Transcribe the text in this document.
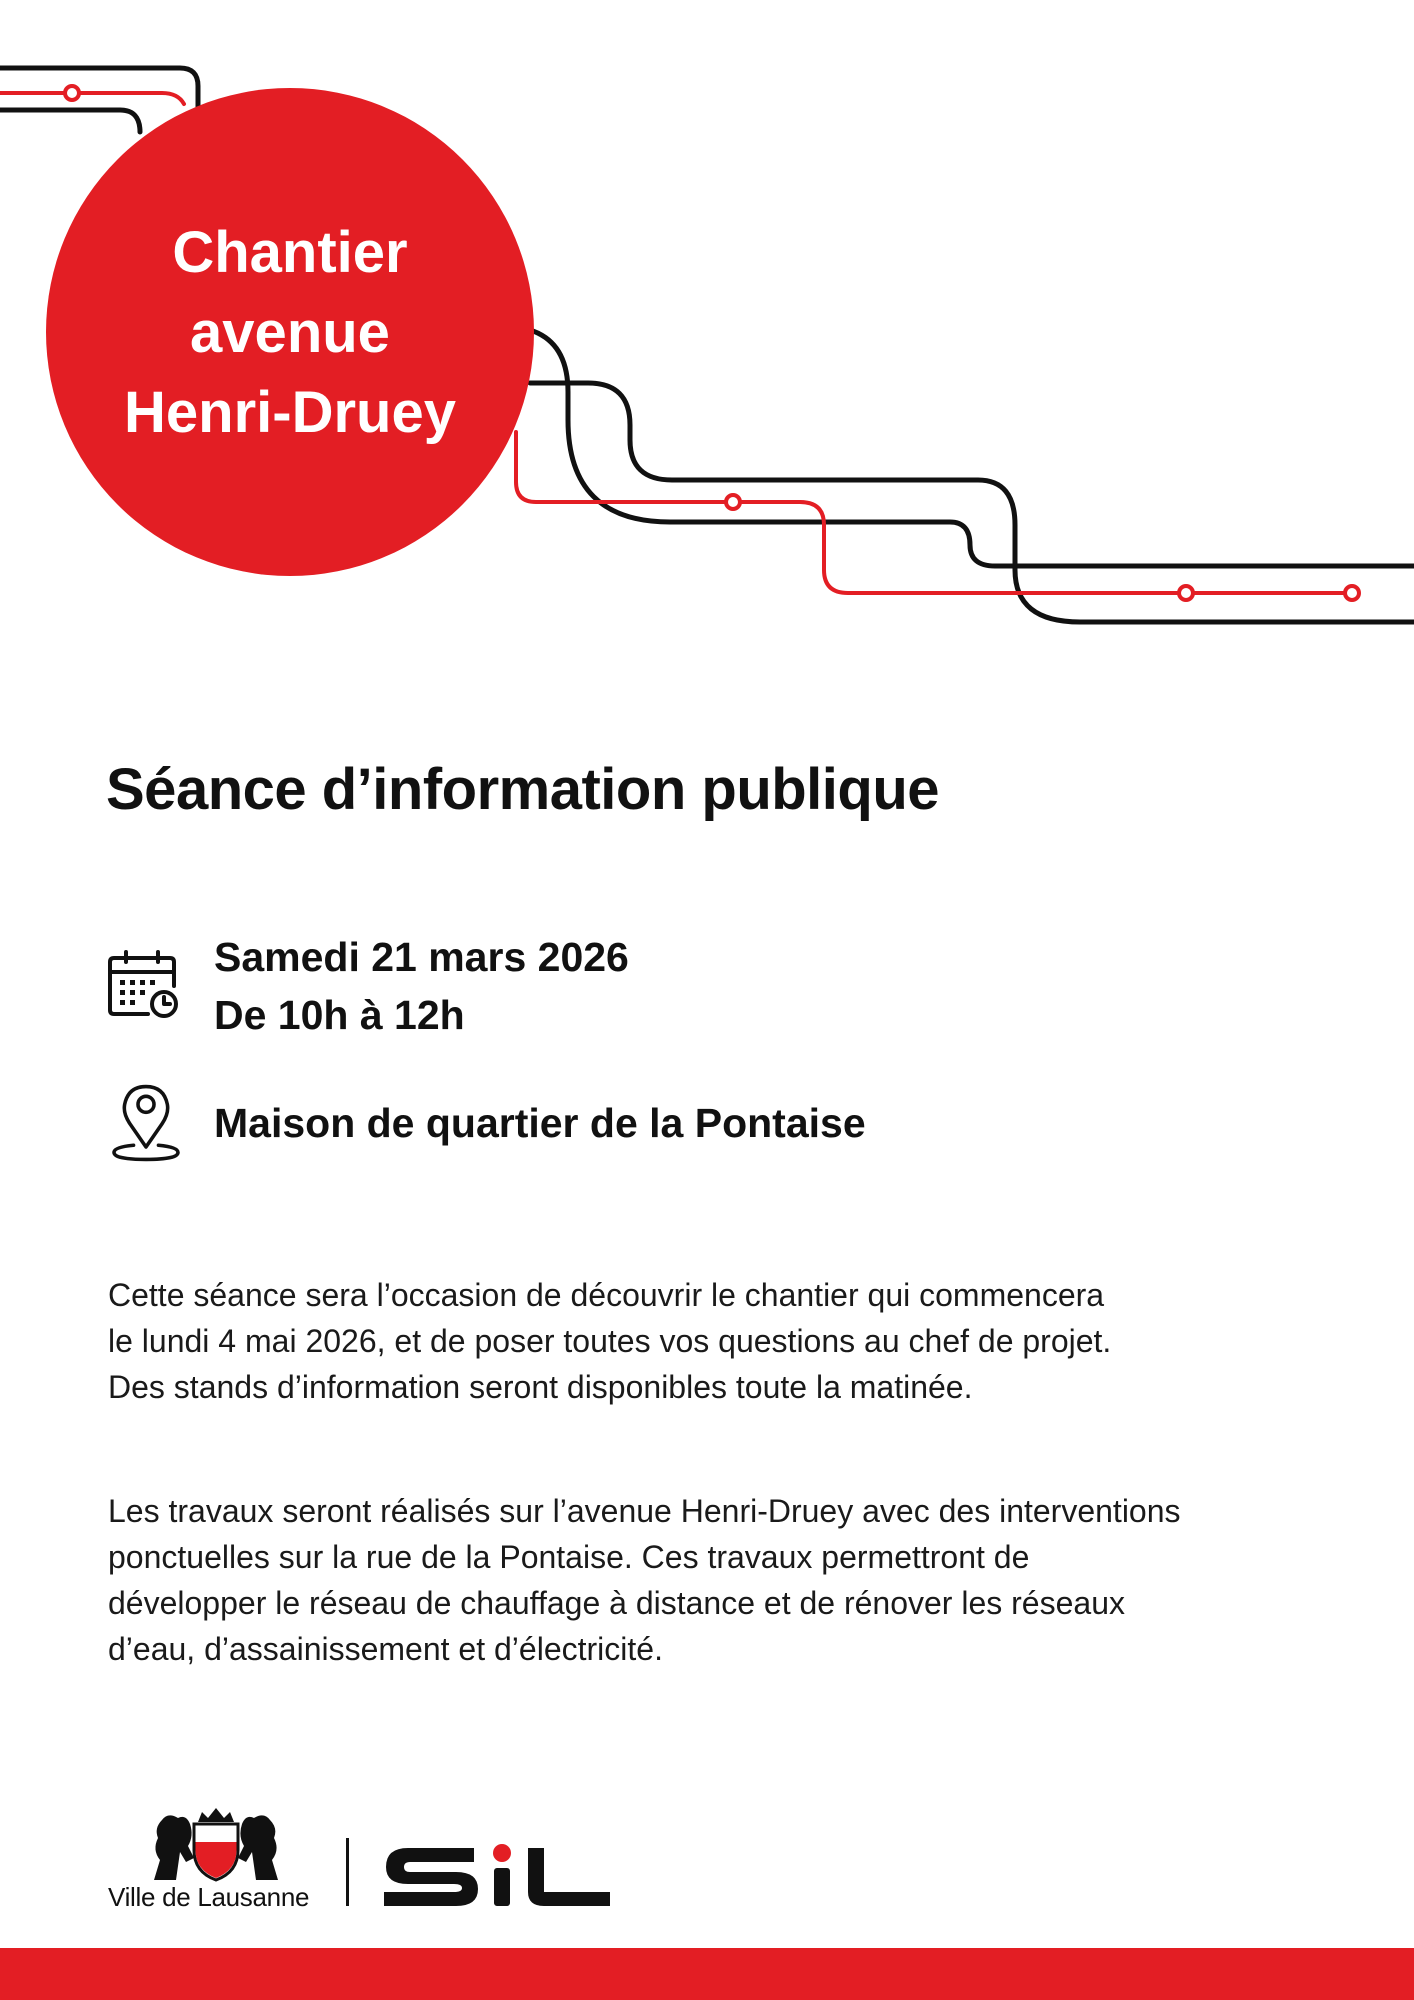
Chantier
avenue
Henri-Druey
Séance d’information publique
Samedi 21 mars 2026
De 10h à 12h
Maison de quartier de la Pontaise

Cette séance sera l’occasion de découvrir le chantier qui commencera
le lundi 4 mai 2026, et de poser toutes vos questions au chef de projet.
Des stands d’information seront disponibles toute la matinée.

Les travaux seront réalisés sur l’avenue Henri-Druey avec des interventions
ponctuelles sur la rue de la Pontaise. Ces travaux permettront de
développer le réseau de chauffage à distance et de rénover les réseaux
d’eau, d’assainissement et d’électricité.

Ville de Lausanne
